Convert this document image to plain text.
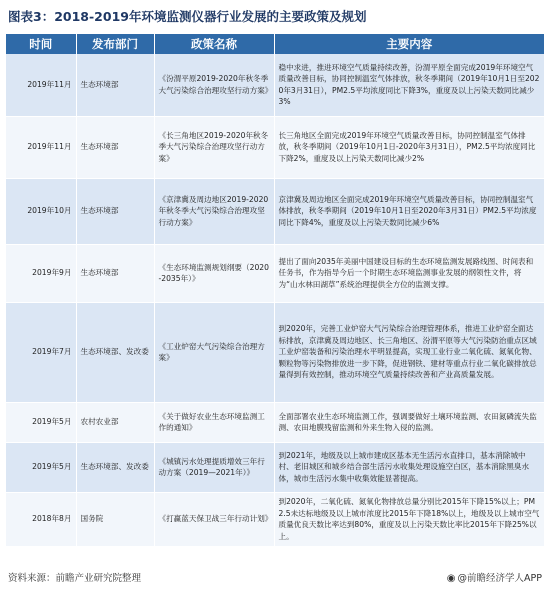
图表3：2018-2019年环境监测仪器行业发展的主要政策及规划
时间	发布部门	政策名称	主要内容
2019年11月	生态环境部	《汾渭平原2019-2020年秋冬季大气污染综合治理攻坚行动方案》	稳中求进，推进环境空气质量持续改善，汾渭平原全面完成2019年环境空气质量改善目标，协同控制温室气体排放，秋冬季期间（2019年10月1日至2020年3月31日），PM2.5平均浓度同比下降3%，重度及以上污染天数同比减少3%
2019年11月	生态环境部	《长三角地区2019-2020年秋冬季大气污染综合治理攻坚行动方案》	长三角地区全面完成2019年环境空气质量改善目标，协同控制温室气体排放，秋冬季期间（2019年10月1日-2020年3月31日），PM2.5平均浓度同比下降2%，重度及以上污染天数同比减少2%
2019年10月	生态环境部	《京津冀及周边地区2019-2020年秋冬季大气污染综合治理攻坚行动方案》	京津冀及周边地区全面完成2019年环境空气质量改善目标，协同控制温室气体排放，秋冬季期间（2019年10月1日至2020年3月31日）PM2.5平均浓度同比下降4%，重度及以上污染天数同比减少6%
2019年9月	生态环境部	《生态环境监测规划纲要（2020-2035年）》	提出了面向2035年美丽中国建设目标的生态环境监测发展路线图、时间表和任务书，作为指导今后一个时期生态环境监测事业发展的纲领性文件，将为“山水林田湖草”系统治理提供全方位的监测支撑。
2019年7月	生态环境部、发改委	《工业炉窑大气污染综合治理方案》	到2020年，完善工业炉窑大气污染综合治理管理体系，推进工业炉窑全面达标排放，京津冀及周边地区、长三角地区、汾渭平原等大气污染防治重点区域工业炉窑装备和污染治理水平明显提高，实现工业行业二氧化硫、氮氧化物、颗粒物等污染物排放进一步下降，促进钢铁、建材等重点行业二氧化碳排放总量得到有效控制，推动环境空气质量持续改善和产业高质量发展。
2019年5月	农村农业部	《关于做好农业生态环境监测工作的通知》	全面部署农业生态环境监测工作，强调要做好土壤环境监测、农田氮磷流失监测、农田地膜残留监测和外来生物入侵的监测。
2019年5月	生态环境部、发改委	《城镇污水处理提质增效三年行动方案（2019—2021年）》	到2021年，地级及以上城市建成区基本无生活污水直排口，基本消除城中村、老旧城区和城乡结合部生活污水收集处理设施空白区，基本消除黑臭水体，城市生活污水集中收集效能显著提高。
2018年8月	国务院	《打赢蓝天保卫战三年行动计划》	到2020年，二氧化硫、氮氧化物排放总量分别比2015年下降15%以上；PM2.5未达标地级及以上城市浓度比2015年下降18%以上，地级及以上城市空气质量优良天数比率达到80%，重度及以上污染天数比率比2015年下降25%以上。
资料来源：前瞻产业研究院整理	◉ @前瞻经济学人APP
